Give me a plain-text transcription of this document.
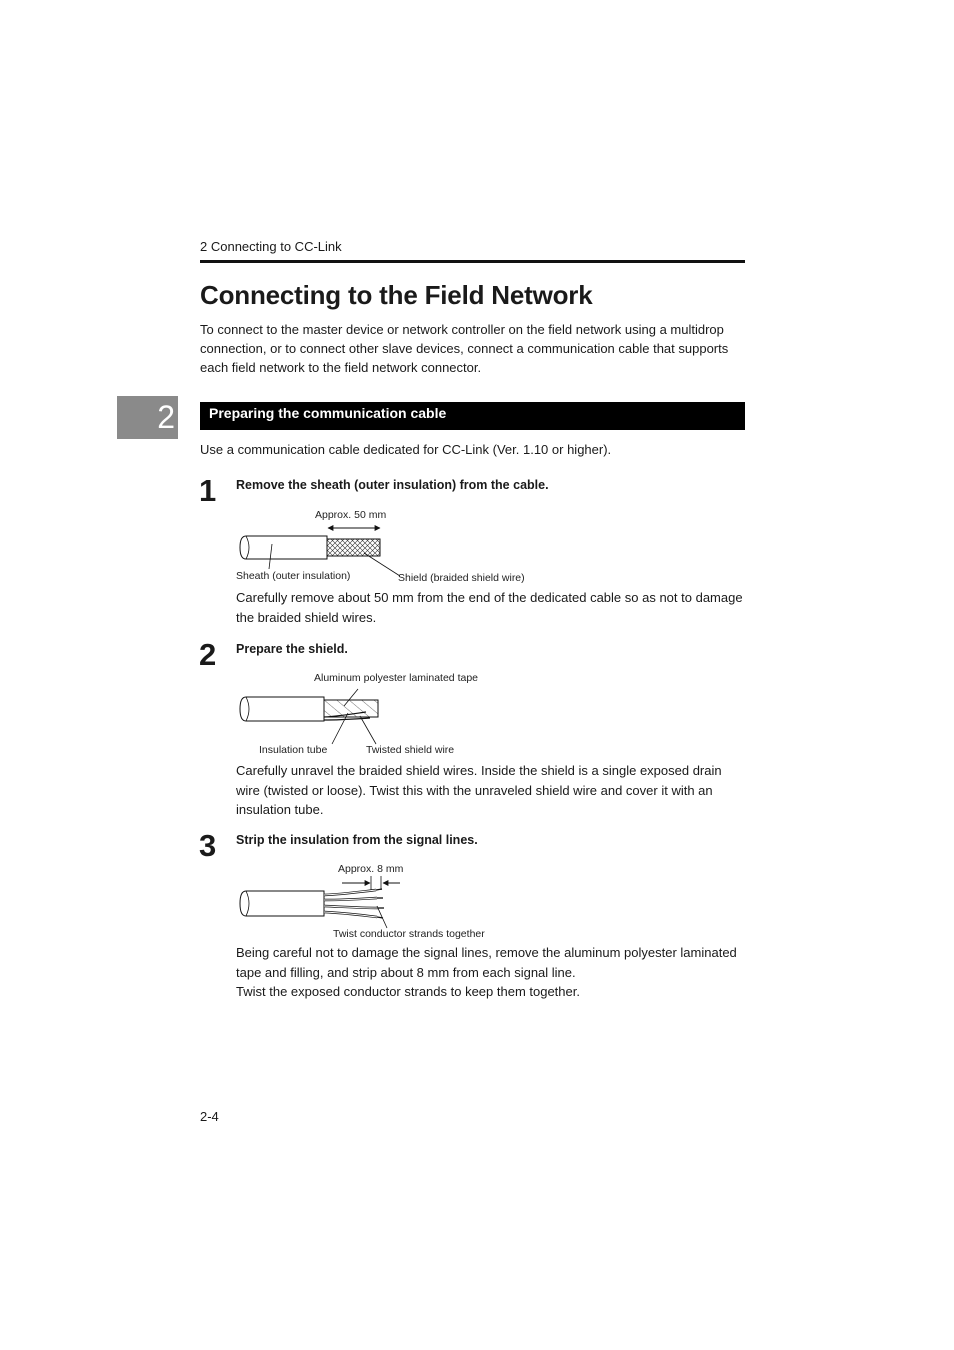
2 Connecting to CC-Link
Connecting to the Field Network

To connect to the master device or network controller on the field network using a multidrop connection, or to connect other slave devices, connect a communication cable that supports each field network to the field network connector.

2 Preparing the communication cable
Use a communication cable dedicated for CC-Link (Ver. 1.10 or higher).
1 Remove the sheath (outer insulation) from the cable.
Approx. 50 mm
Sheath (outer insulation)	Shield (braided shield wire)

Carefully remove about 50 mm from the end of the dedicated cable so as not to damage the braided shield wires.

2 Prepare the shield.
Aluminum polyester laminated tape
Insulation tube	Twisted shield wire

Carefully unravel the braided shield wires. Inside the shield is a single exposed drain wire (twisted or loose). Twist this with the unraveled shield wire and cover it with an insulation tube.

3 Strip the insulation from the signal lines.
Approx. 8 mm
Twist conductor strands together

Being careful not to damage the signal lines, remove the aluminum polyester laminated tape and filling, and strip about 8 mm from each signal line.

Twist the exposed conductor strands to keep them together.

2-4
